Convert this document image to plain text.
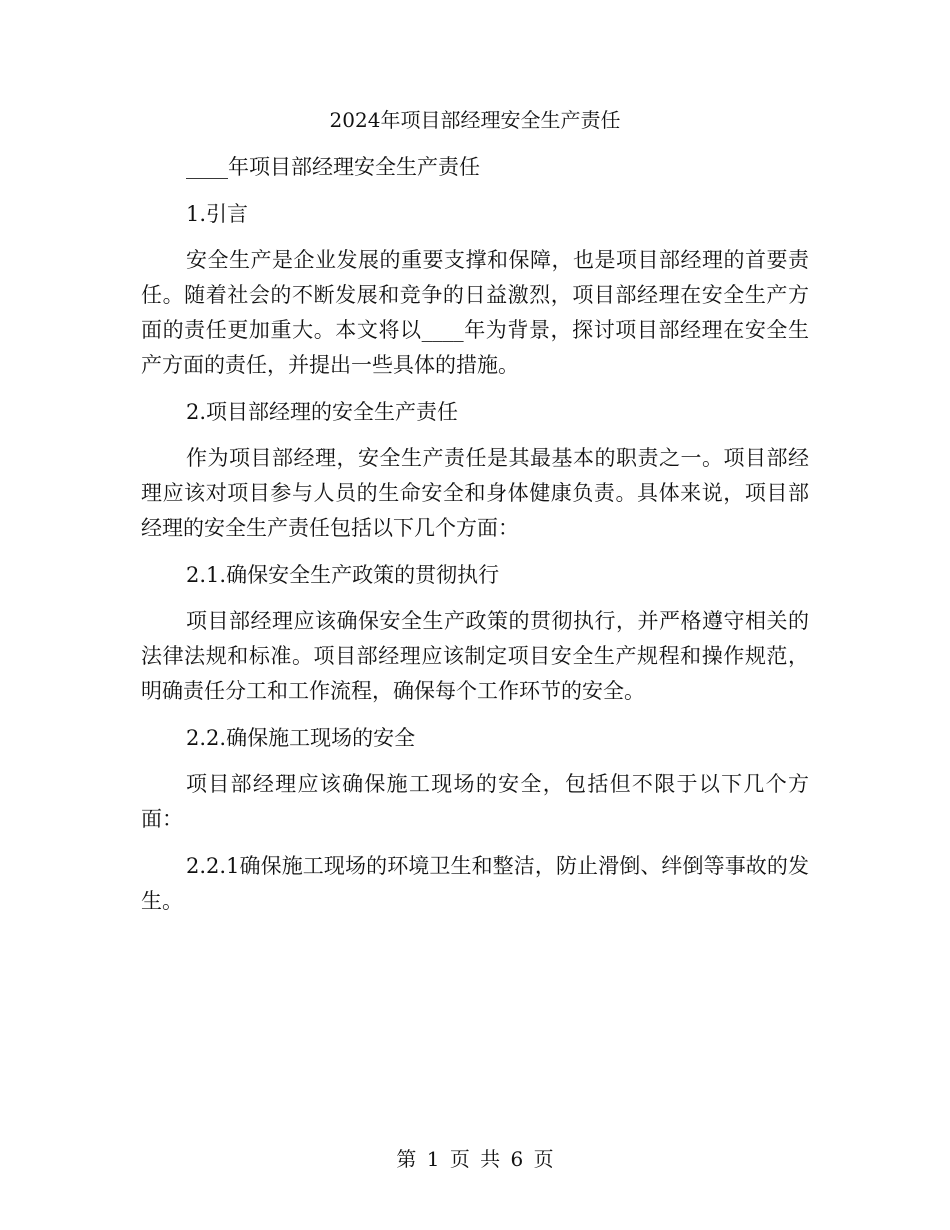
2024年项目部经理安全生产责任

____年项目部经理安全生产责任

1.引言

安全生产是企业发展的重要支撑和保障，也是项目部经理的首要责任。随着社会的不断发展和竞争的日益激烈，项目部经理在安全生产方面的责任更加重大。本文将以____年为背景，探讨项目部经理在安全生产方面的责任，并提出一些具体的措施。

2.项目部经理的安全生产责任

作为项目部经理，安全生产责任是其最基本的职责之一。项目部经理应该对项目参与人员的生命安全和身体健康负责。具体来说，项目部经理的安全生产责任包括以下几个方面：

2.1.确保安全生产政策的贯彻执行

项目部经理应该确保安全生产政策的贯彻执行，并严格遵守相关的法律法规和标准。项目部经理应该制定项目安全生产规程和操作规范，明确责任分工和工作流程，确保每个工作环节的安全。

2.2.确保施工现场的安全

项目部经理应该确保施工现场的安全，包括但不限于以下几个方面：

2.2.1确保施工现场的环境卫生和整洁，防止滑倒、绊倒等事故的发生。

第 1 页 共 6 页
